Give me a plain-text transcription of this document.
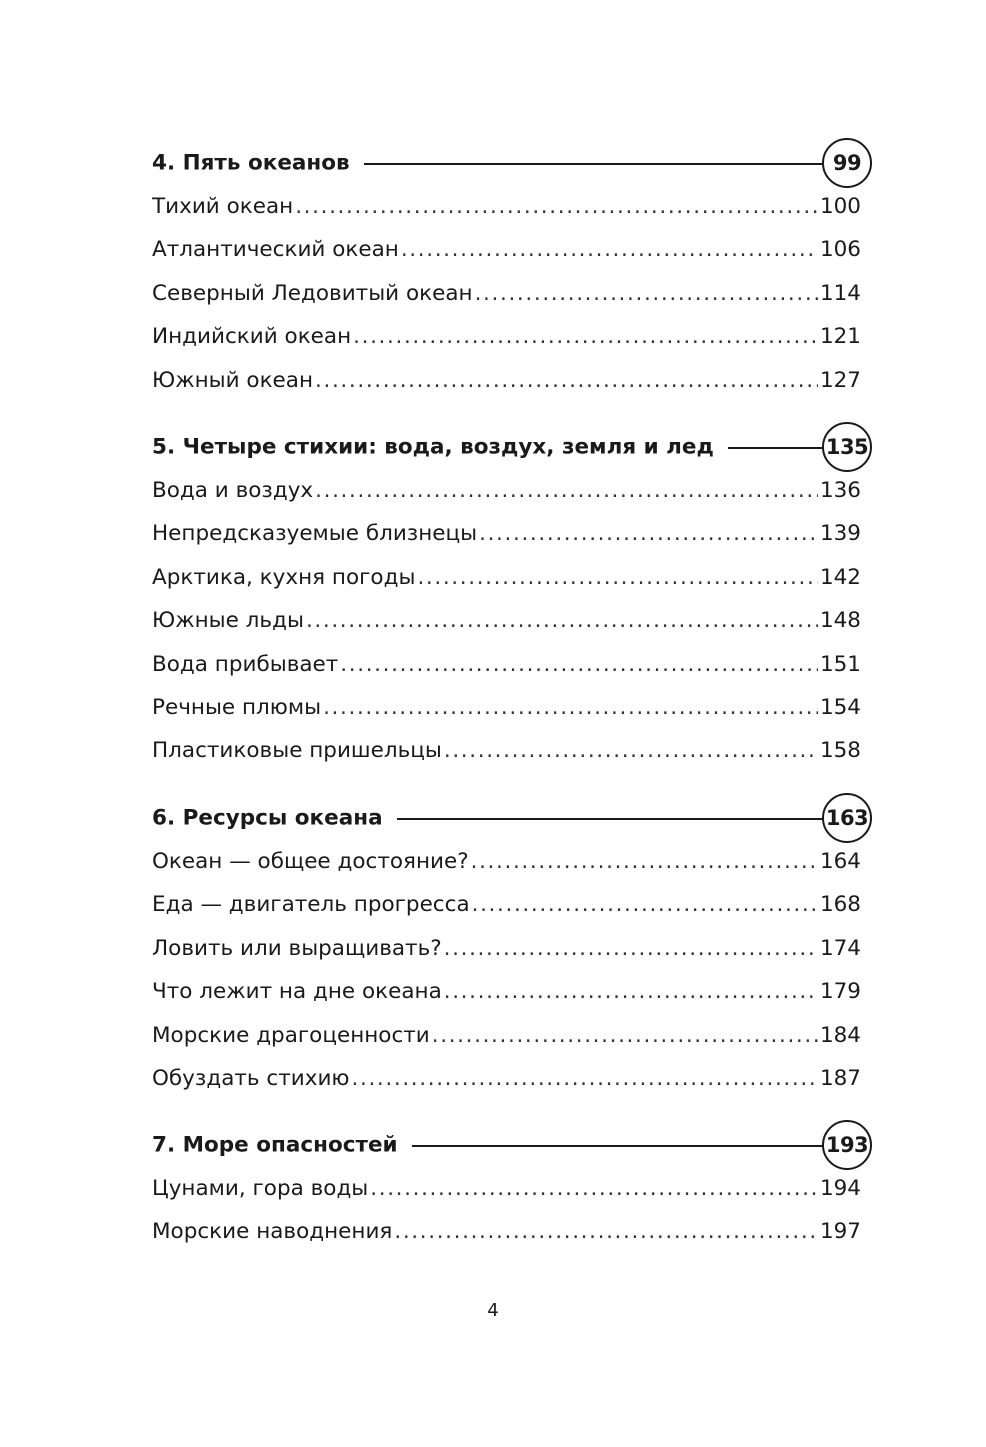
4. Пять океанов	99
Тихий океан . . .	100
Атлантический океан . . .	106
Северный Ледовитый океан . . .	114
Индийский океан . . .	121
Южный океан . . .	127
5. Четыре стихии: вода, воздух, земля и лед	135
Вода и воздух . . .	136
Непредсказуемые близнецы . . .	139
Арктика, кухня погоды . . .	142
Южные льды . . .	148
Вода прибывает . . .	151
Речные плюмы . . .	154
Пластиковые пришельцы . . .	158
6. Ресурсы океана	163
Океан — общее достояние? . . .	164
Еда — двигатель прогресса . . .	168
Ловить или выращивать? . . .	174
Что лежит на дне океана . . .	179
Морские драгоценности . . .	184
Обуздать стихию . . .	187
7. Море опасностей	193
Цунами, гора воды . . .	194
Морские наводнения . . .	197
4
